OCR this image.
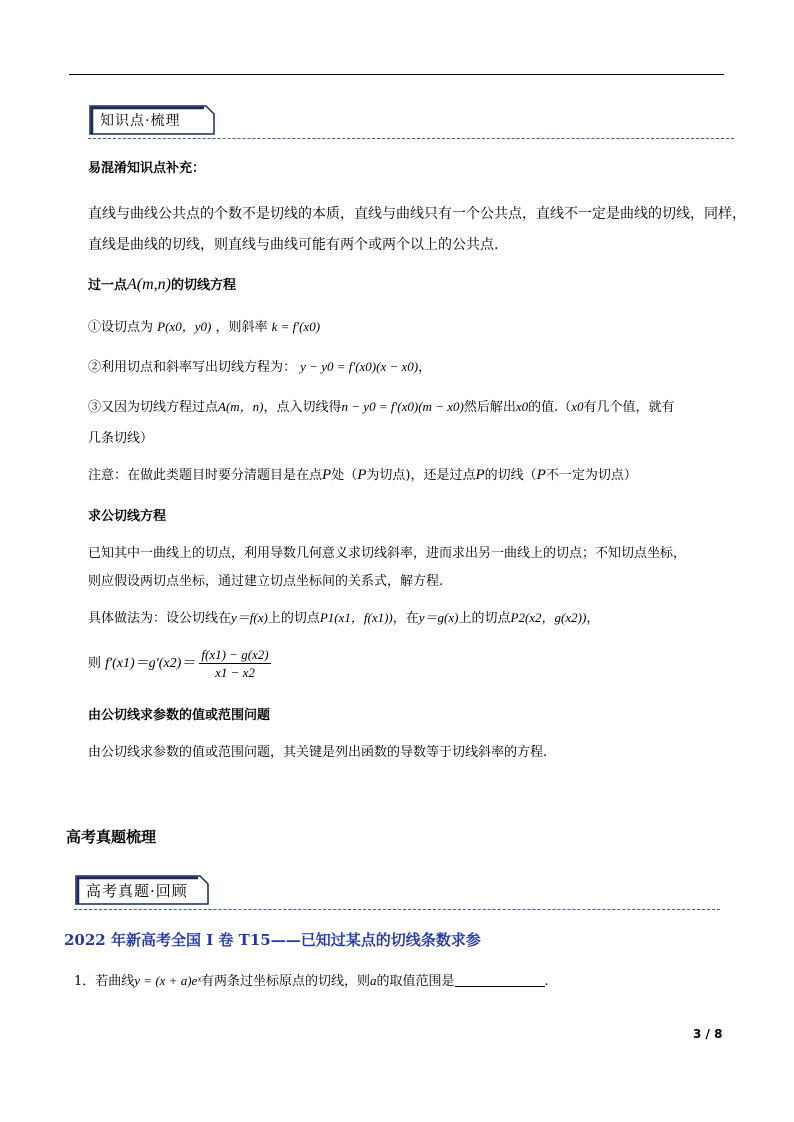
知识点·梳理
易混淆知识点补充：
直线与曲线公共点的个数不是切线的本质，直线与曲线只有一个公共点，直线不一定是曲线的切线，同样，
直线是曲线的切线，则直线与曲线可能有两个或两个以上的公共点.
过一点A(m,n)的切线方程
①设切点为 P(x0，y0) ，则斜率 k = f′(x0)
②利用切点和斜率写出切线方程为： y − y0 = f′(x0)(x − x0)，
③又因为切线方程过点A(m，n)，点入切线得n − y0 = f′(x0)(m − x0)然后解出x0的值.（x0有几个值，就有
几条切线）
注意：在做此类题目时要分清题目是在点P处（P为切点)，还是过点P的切线（P不一定为切点）
求公切线方程
已知其中一曲线上的切点，利用导数几何意义求切线斜率，进而求出另一曲线上的切点；不知切点坐标，
则应假设两切点坐标，通过建立切点坐标间的关系式，解方程.
具体做法为：设公切线在y＝f(x)上的切点P1(x1，f(x1))，在y＝g(x)上的切点P2(x2，g(x2))，
则 $f'(x1)=g'(x2)= \frac{f(x1) - g(x2)}{x1 - x2}$
由公切线求参数的值或范围问题
由公切线求参数的值或范围问题，其关键是列出函数的导数等于切线斜率的方程.
高考真题梳理
高考真题·回顾
2022 年新高考全国 I 卷 T15——已知过某点的切线条数求参
1．若曲线y = (x + a)eˣ有两条过坐标原点的切线，则a的取值范围是	.
3 / 8
